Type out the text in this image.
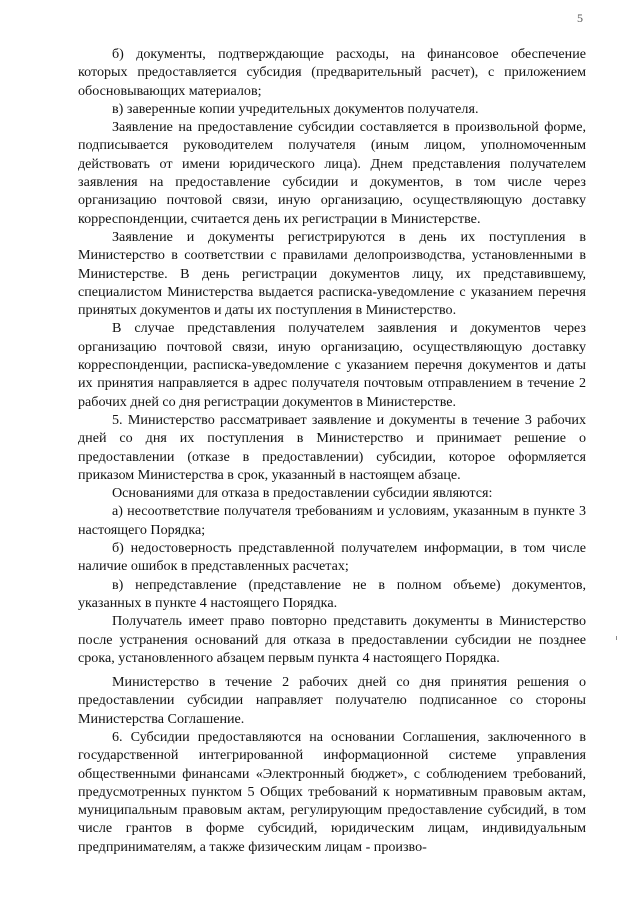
5

б) документы, подтверждающие расходы, на финансовое обеспечение которых предоставляется субсидия (предварительный расчет), с приложением обосновывающих материалов;

в) заверенные копии учредительных документов получателя.

Заявление на предоставление субсидии составляется в произвольной форме, подписывается руководителем получателя (иным лицом, уполномоченным действовать от имени юридического лица). Днем представления получателем заявления на предоставление субсидии и документов, в том числе через организацию почтовой связи, иную организацию, осуществляющую доставку корреспонденции, считается день их регистрации в Министерстве.

Заявление и документы регистрируются в день их поступления в Министерство в соответствии с правилами делопроизводства, установленными в Министерстве. В день регистрации документов лицу, их представившему, специалистом Министерства выдается расписка-уведомление с указанием перечня принятых документов и даты их поступления в Министерство.

В случае представления получателем заявления и документов через организацию почтовой связи, иную организацию, осуществляющую доставку корреспонденции, расписка-уведомление с указанием перечня документов и даты их принятия направляется в адрес получателя почтовым отправлением в течение 2 рабочих дней со дня регистрации документов в Министерстве.

5. Министерство рассматривает заявление и документы в течение 3 рабочих дней со дня их поступления в Министерство и принимает решение о предоставлении (отказе в предоставлении) субсидии, которое оформляется приказом Министерства в срок, указанный в настоящем абзаце.

Основаниями для отказа в предоставлении субсидии являются:

а) несоответствие получателя требованиям и условиям, указанным в пункте 3 настоящего Порядка;

б) недостоверность представленной получателем информации, в том числе наличие ошибок в представленных расчетах;

в) непредставление (представление не в полном объеме) документов, указанных в пункте 4 настоящего Порядка.

Получатель имеет право повторно представить документы в Министерство после устранения оснований для отказа в предоставлении субсидии не позднее срока, установленного абзацем первым пункта 4 настоящего Порядка.

Министерство в течение 2 рабочих дней со дня принятия решения о предоставлении субсидии направляет получателю подписанное со стороны Министерства Соглашение.

6. Субсидии предоставляются на основании Соглашения, заключенного в государственной интегрированной информационной системе управления общественными финансами «Электронный бюджет», с соблюдением требований, предусмотренных пунктом 5 Общих требований к нормативным правовым актам, муниципальным правовым актам, регулирующим предоставление субсидий, в том числе грантов в форме субсидий, юридическим лицам, индивидуальным предпринимателям, а также физическим лицам - произво-
